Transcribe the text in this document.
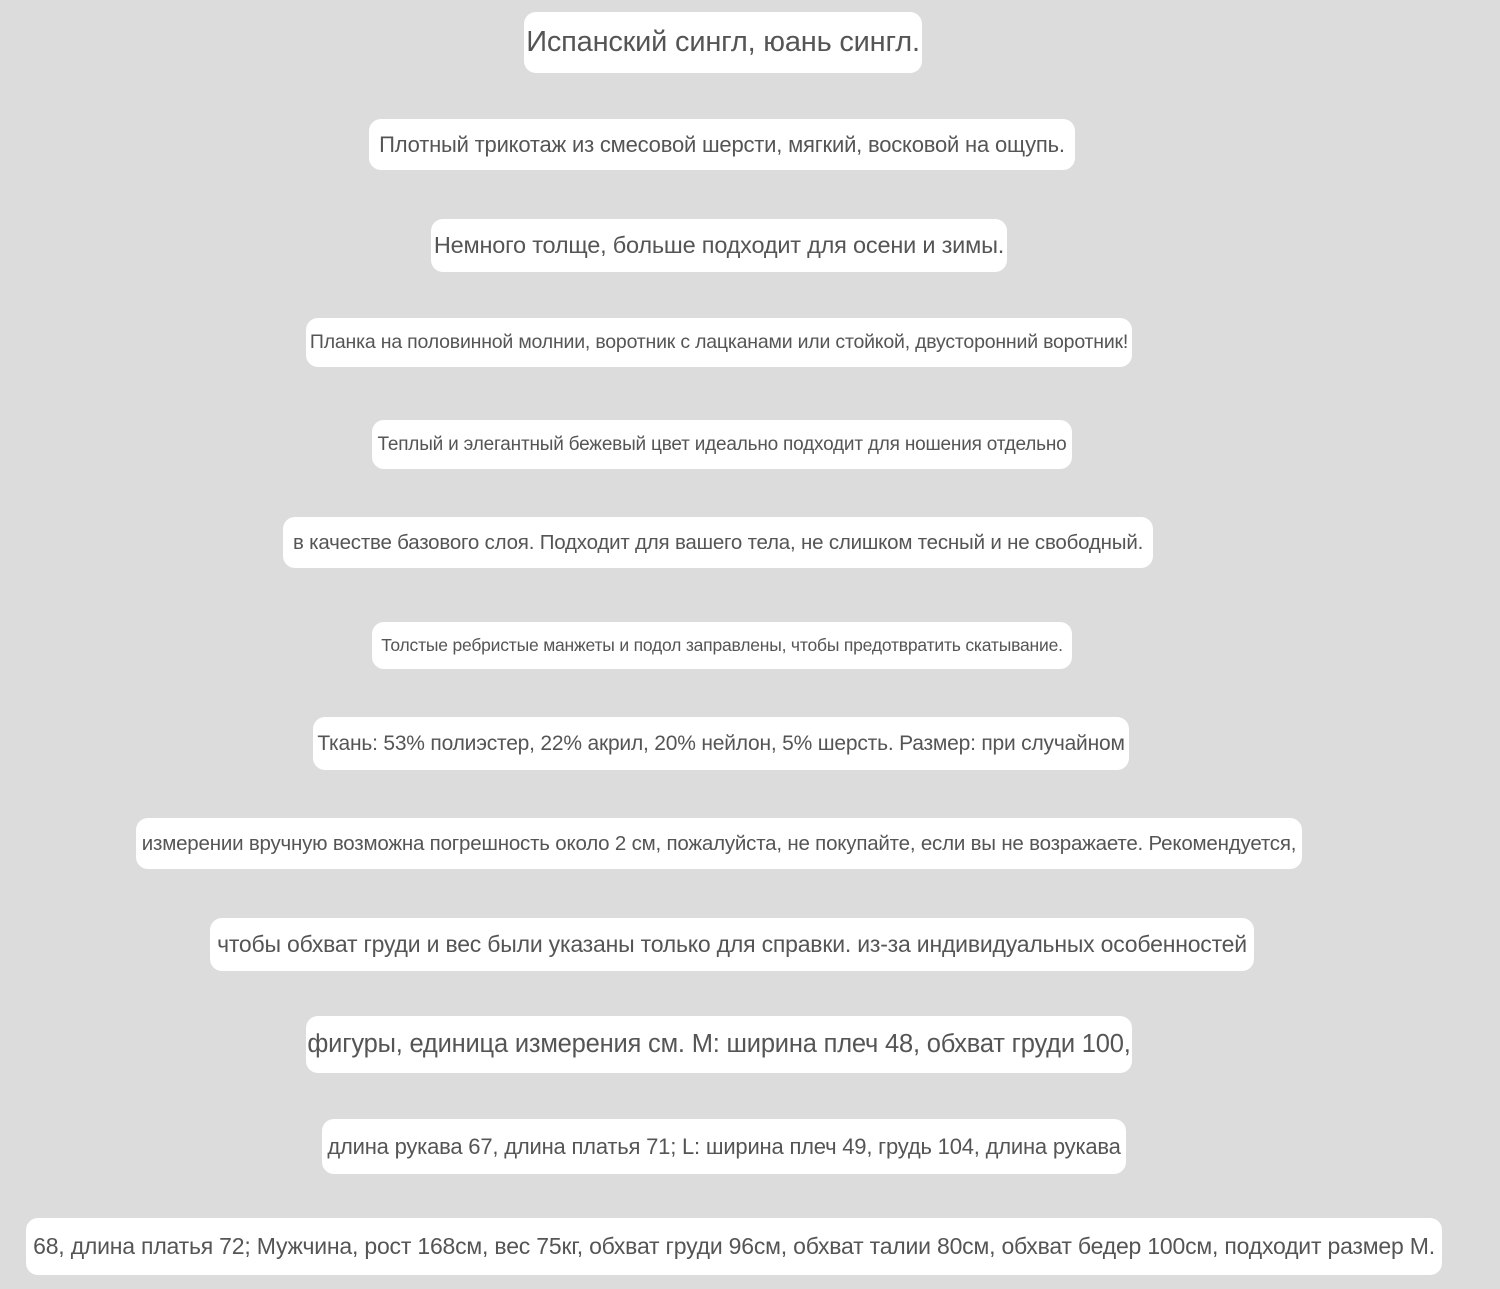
Испанский сингл, юань сингл.
Плотный трикотаж из смесовой шерсти, мягкий, восковой на ощупь.
Немного толще, больше подходит для осени и зимы.
Планка на половинной молнии, воротник с лацканами или стойкой, двусторонний воротник!
Теплый и элегантный бежевый цвет идеально подходит для ношения отдельно
в качестве базового слоя. Подходит для вашего тела, не слишком тесный и не свободный.
Толстые ребристые манжеты и подол заправлены, чтобы предотвратить скатывание.
Ткань: 53% полиэстер, 22% акрил, 20% нейлон, 5% шерсть. Размер: при случайном
измерении вручную возможна погрешность около 2 см, пожалуйста, не покупайте, если вы не возражаете. Рекомендуется,
чтобы обхват груди и вес были указаны только для справки. из-за индивидуальных особенностей
фигуры, единица измерения см. M: ширина плеч 48, обхват груди 100,
длина рукава 67, длина платья 71; L: ширина плеч 49, грудь 104, длина рукава
68, длина платья 72; Мужчина, рост 168см, вес 75кг, обхват груди 96см, обхват талии 80см, обхват бедер 100см, подходит размер M.
